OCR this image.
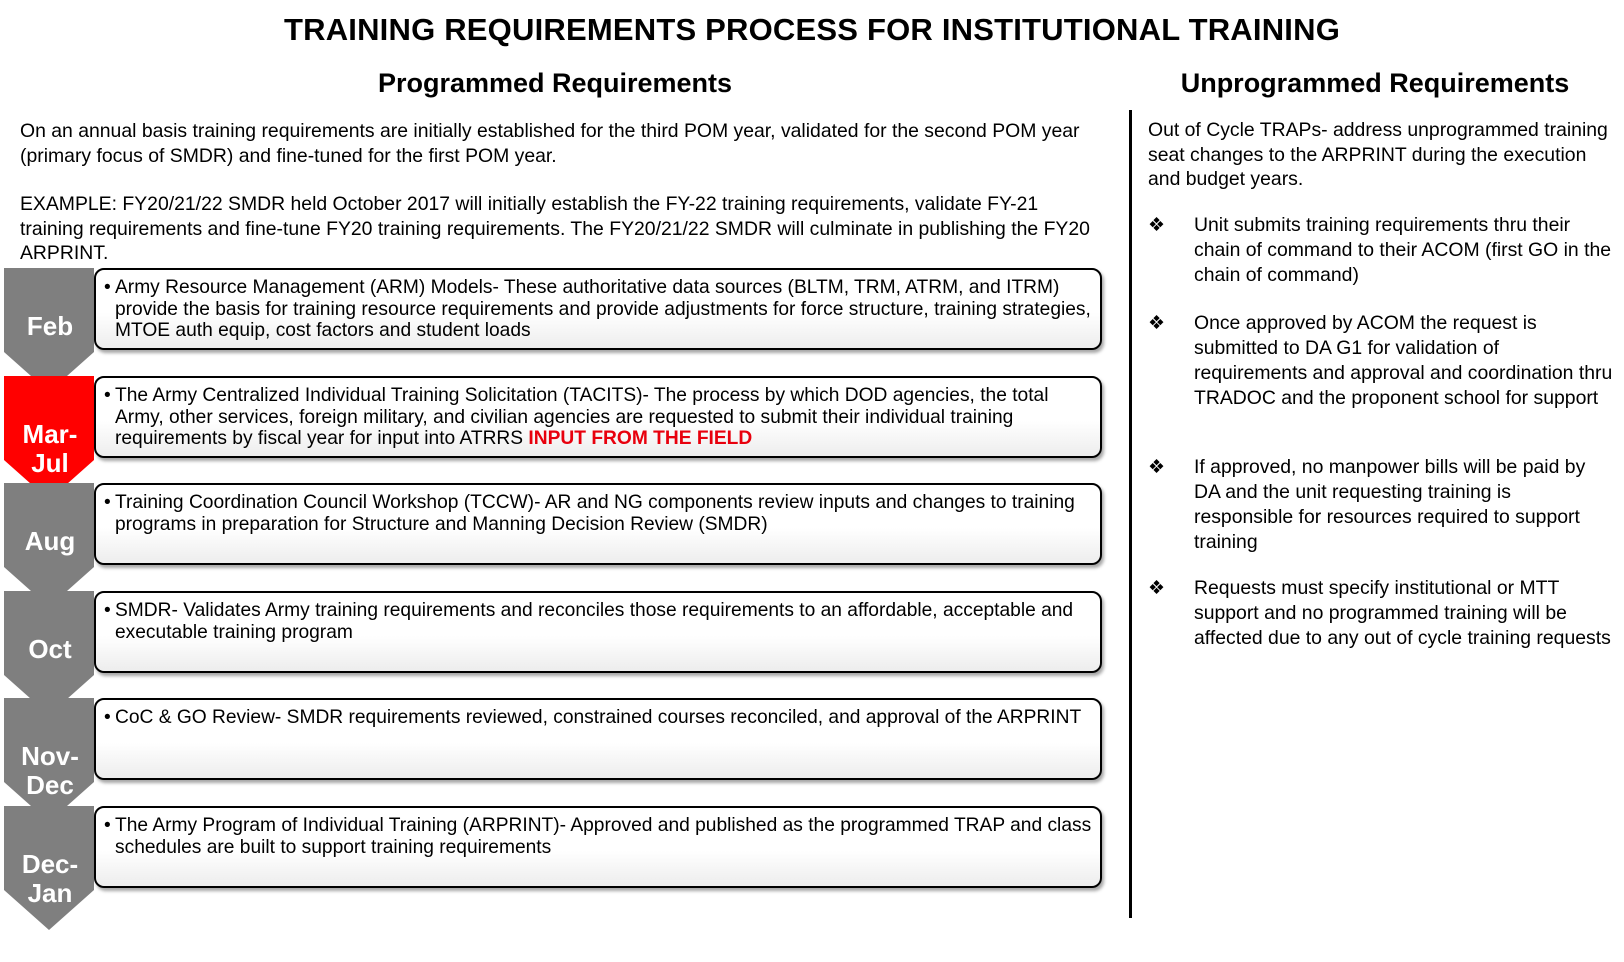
TRAINING REQUIREMENTS PROCESS FOR INSTITUTIONAL TRAINING
Programmed Requirements	Unprogrammed Requirements
On an annual basis training requirements are initially established for the third POM year, validated for the second POM year (primary focus of SMDR) and fine-tuned for the first POM year.
EXAMPLE: FY20/21/22 SMDR held October 2017 will initially establish the FY-22 training requirements, validate FY-21 training requirements and fine-tune FY20 training requirements. The FY20/21/22 SMDR will culminate in publishing the FY20 ARPRINT.
Feb
• Army Resource Management (ARM) Models- These authoritative data sources (BLTM, TRM, ATRM, and ITRM) provide the basis for training resource requirements and provide adjustments for force structure, training strategies, MTOE auth equip, cost factors and student loads
Mar-
Jul
• The Army Centralized Individual Training Solicitation (TACITS)- The process by which DOD agencies, the total Army, other services, foreign military, and civilian agencies are requested to submit their individual training requirements by fiscal year for input into ATRRS INPUT FROM THE FIELD
Aug
• Training Coordination Council Workshop (TCCW)- AR and NG components review inputs and changes to training programs in preparation for Structure and Manning Decision Review (SMDR)
Oct
• SMDR- Validates Army training requirements and reconciles those requirements to an affordable, acceptable and executable training program
Nov-
Dec
• CoC & GO Review- SMDR requirements reviewed, constrained courses reconciled, and approval of the ARPRINT
Dec-
Jan
• The Army Program of Individual Training (ARPRINT)- Approved and published as the programmed TRAP and class schedules are built to support training requirements
Out of Cycle TRAPs- address unprogrammed training seat changes to the ARPRINT during the execution and budget years.
❖ Unit submits training requirements thru their chain of command to their ACOM (first GO in the chain of command)
❖ Once approved by ACOM the request is submitted to DA G1 for validation of requirements and approval and coordination thru TRADOC and the proponent school for support
❖ If approved, no manpower bills will be paid by DA and the unit requesting training is responsible for resources required to support training
❖ Requests must specify institutional or MTT support and no programmed training will be affected due to any out of cycle training requests
